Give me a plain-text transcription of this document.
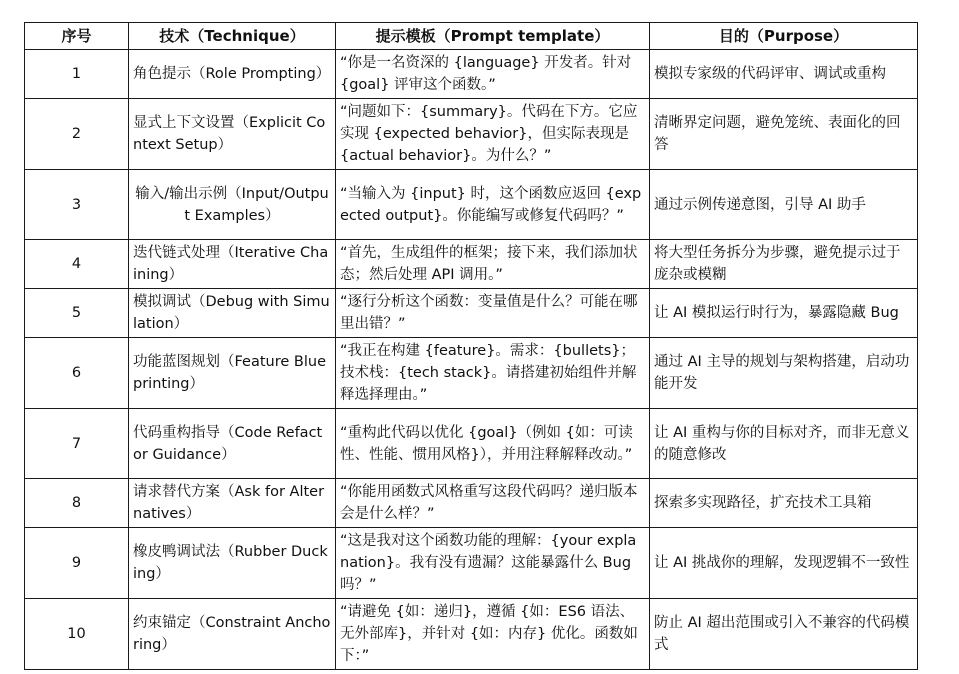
序号	技术（Technique）	提示模板（Prompt template）	目的（Purpose）
1	角色提示（Role Prompting）	“你是一名资深的 {language} 开发者。针对 {goal} 评审这个函数。”	模拟专家级的代码评审、调试或重构
2	显式上下文设置（Explicit Context Setup）	“问题如下：{summary}。代码在下方。它应实现 {expected behavior}，但实际表现是 {actual behavior}。为什么？”	清晰界定问题，避免笼统、表面化的回答
3	输入/输出示例（Input/Output Examples）	“当输入为 {input} 时，这个函数应返回 {expected output}。你能编写或修复代码吗？”	通过示例传递意图，引导 AI 助手
4	迭代链式处理（Iterative Chaining）	“首先，生成组件的框架；接下来，我们添加状态；然后处理 API 调用。”	将大型任务拆分为步骤，避免提示过于庞杂或模糊
5	模拟调试（Debug with Simulation）	“逐行分析这个函数：变量值是什么？可能在哪里出错？”	让 AI 模拟运行时行为，暴露隐藏 Bug
6	功能蓝图规划（Feature Blueprinting）	“我正在构建 {feature}。需求：{bullets}；技术栈：{tech stack}。请搭建初始组件并解释选择理由。”	通过 AI 主导的规划与架构搭建，启动功能开发
7	代码重构指导（Code Refactor Guidance）	“重构此代码以优化 {goal}（例如 {如：可读性、性能、惯用风格}），并用注释解释改动。”	让 AI 重构与你的目标对齐，而非无意义的随意修改
8	请求替代方案（Ask for Alternatives）	“你能用函数式风格重写这段代码吗？递归版本会是什么样？”	探索多实现路径，扩充技术工具箱
9	橡皮鸭调试法（Rubber Ducking）	“这是我对这个函数功能的理解：{your explanation}。我有没有遗漏？这能暴露什么 Bug 吗？”	让 AI 挑战你的理解，发现逻辑不一致性
10	约束锚定（Constraint Anchoring）	“请避免 {如：递归}，遵循 {如：ES6 语法、无外部库}，并针对 {如：内存} 优化。函数如下：”	防止 AI 超出范围或引入不兼容的代码模式
